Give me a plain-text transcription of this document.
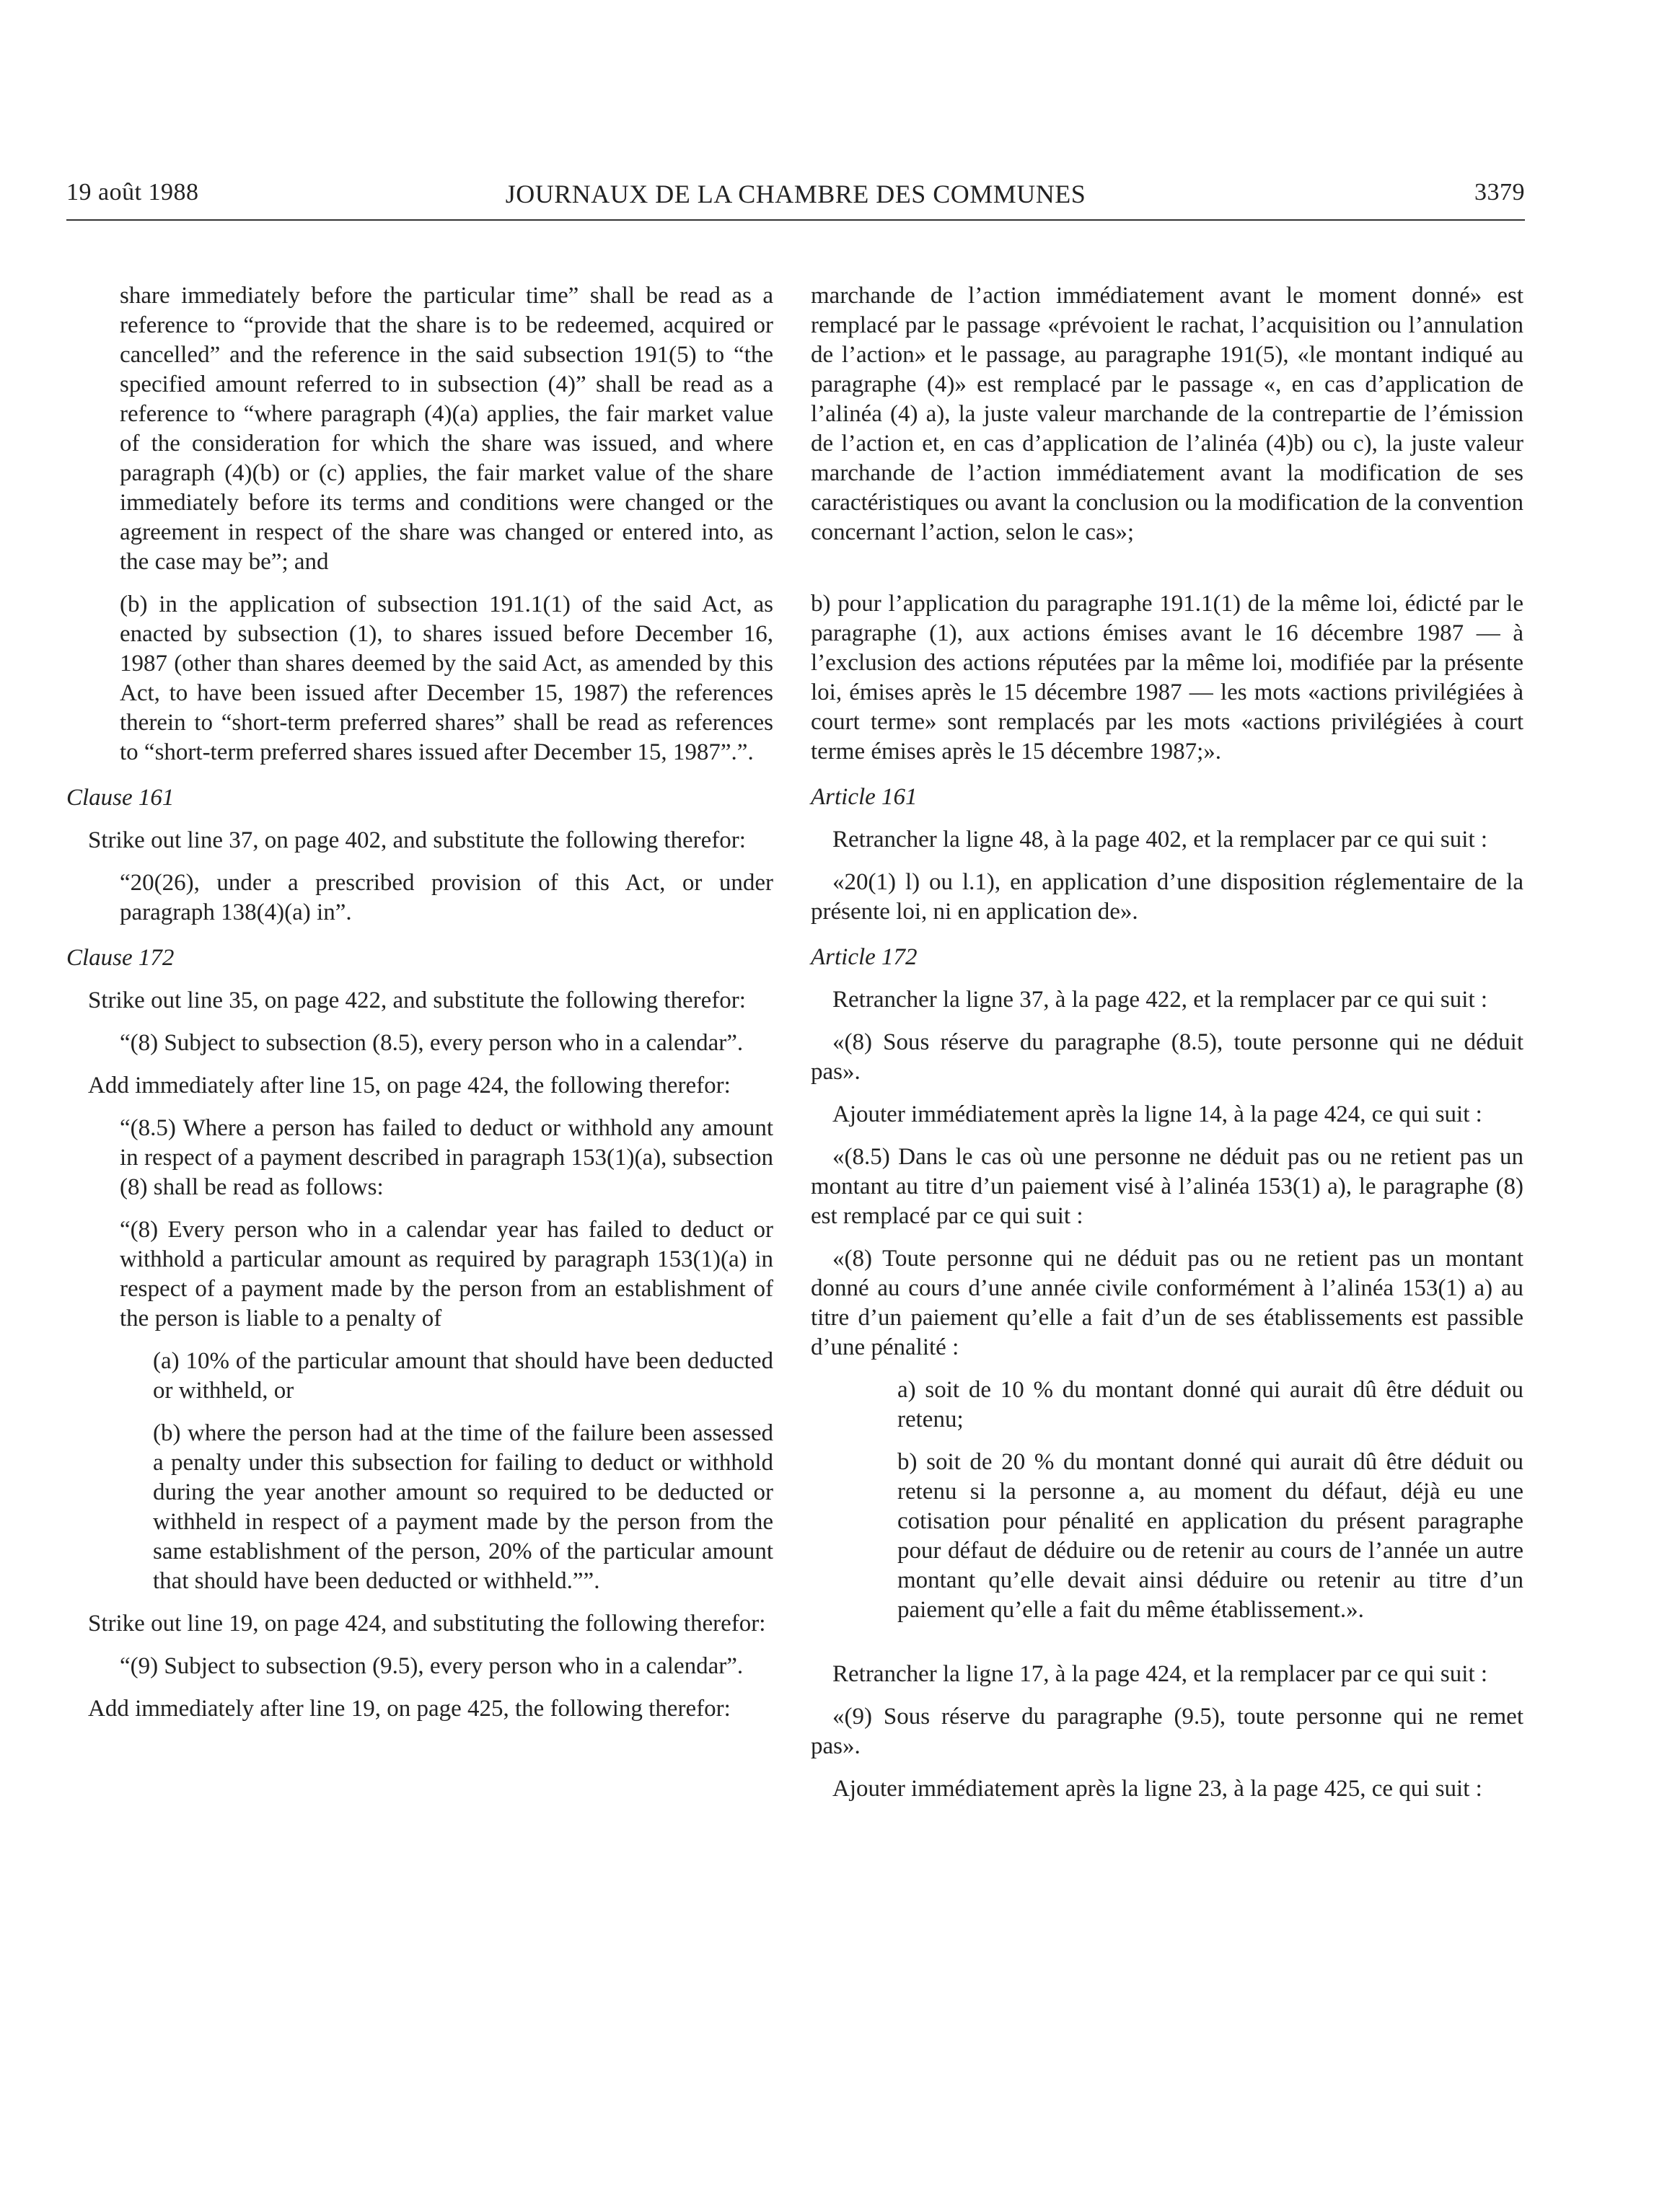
19 août 1988	JOURNAUX DE LA CHAMBRE DES COMMUNES	3379

share immediately before the particular time” shall be read as a reference to “provide that the share is to be redeemed, acquired or cancelled” and the reference in the said subsection 191(5) to “the specified amount referred to in subsection (4)” shall be read as a reference to “where paragraph (4)(a) applies, the fair market value of the consideration for which the share was issued, and where paragraph (4)(b) or (c) applies, the fair market value of the share immediately before its terms and conditions were changed or the agreement in respect of the share was changed or entered into, as the case may be”; and

(b) in the application of subsection 191.1(1) of the said Act, as enacted by subsection (1), to shares issued before December 16, 1987 (other than shares deemed by the said Act, as amended by this Act, to have been issued after December 15, 1987) the references therein to “short-term preferred shares” shall be read as references to “short-term preferred shares issued after December 15, 1987”.”.

Clause 161

Strike out line 37, on page 402, and substitute the following therefor:

“20(26), under a prescribed provision of this Act, or under paragraph 138(4)(a) in”.

Clause 172

Strike out line 35, on page 422, and substitute the following therefor:

“(8) Subject to subsection (8.5), every person who in a calendar”.

Add immediately after line 15, on page 424, the following therefor:

“(8.5) Where a person has failed to deduct or withhold any amount in respect of a payment described in paragraph 153(1)(a), subsection (8) shall be read as follows:

“(8) Every person who in a calendar year has failed to deduct or withhold a particular amount as required by paragraph 153(1)(a) in respect of a payment made by the person from an establishment of the person is liable to a penalty of

(a) 10% of the particular amount that should have been deducted or withheld, or

(b) where the person had at the time of the failure been assessed a penalty under this subsection for failing to deduct or withhold during the year another amount so required to be deducted or withheld in respect of a payment made by the person from the same establishment of the person, 20% of the particular amount that should have been deducted or withheld.””.

Strike out line 19, on page 424, and substituting the following therefor:

“(9) Subject to subsection (9.5), every person who in a calendar”.

Add immediately after line 19, on page 425, the following therefor:

marchande de l’action immédiatement avant le moment donné» est remplacé par le passage «prévoient le rachat, l’acquisition ou l’annulation de l’action» et le passage, au paragraphe 191(5), «le montant indiqué au paragraphe (4)» est remplacé par le passage «, en cas d’application de l’alinéa (4) a), la juste valeur marchande de la contrepartie de l’émission de l’action et, en cas d’application de l’alinéa (4)b) ou c), la juste valeur marchande de l’action immédiatement avant la modification de ses caractéristiques ou avant la conclusion ou la modification de la convention concernant l’action, selon le cas»;

b) pour l’application du paragraphe 191.1(1) de la même loi, édicté par le paragraphe (1), aux actions émises avant le 16 décembre 1987 — à l’exclusion des actions réputées par la même loi, modifiée par la présente loi, émises après le 15 décembre 1987 — les mots «actions privilégiées à court terme» sont remplacés par les mots «actions privilégiées à court terme émises après le 15 décembre 1987;».

Article 161

Retrancher la ligne 48, à la page 402, et la remplacer par ce qui suit :

«20(1) l) ou l.1), en application d’une disposition réglementaire de la présente loi, ni en application de».

Article 172

Retrancher la ligne 37, à la page 422, et la remplacer par ce qui suit :

«(8) Sous réserve du paragraphe (8.5), toute personne qui ne déduit pas».

Ajouter immédiatement après la ligne 14, à la page 424, ce qui suit :

«(8.5) Dans le cas où une personne ne déduit pas ou ne retient pas un montant au titre d’un paiement visé à l’alinéa 153(1) a), le paragraphe (8) est remplacé par ce qui suit :

«(8) Toute personne qui ne déduit pas ou ne retient pas un montant donné au cours d’une année civile conformément à l’alinéa 153(1) a) au titre d’un paiement qu’elle a fait d’un de ses établissements est passible d’une pénalité :

a) soit de 10 % du montant donné qui aurait dû être déduit ou retenu;

b) soit de 20 % du montant donné qui aurait dû être déduit ou retenu si la personne a, au moment du défaut, déjà eu une cotisation pour pénalité en application du présent paragraphe pour défaut de déduire ou de retenir au cours de l’année un autre montant qu’elle devait ainsi déduire ou retenir au titre d’un paiement qu’elle a fait du même établissement.».

Retrancher la ligne 17, à la page 424, et la remplacer par ce qui suit :

«(9) Sous réserve du paragraphe (9.5), toute personne qui ne remet pas».

Ajouter immédiatement après la ligne 23, à la page 425, ce qui suit :
